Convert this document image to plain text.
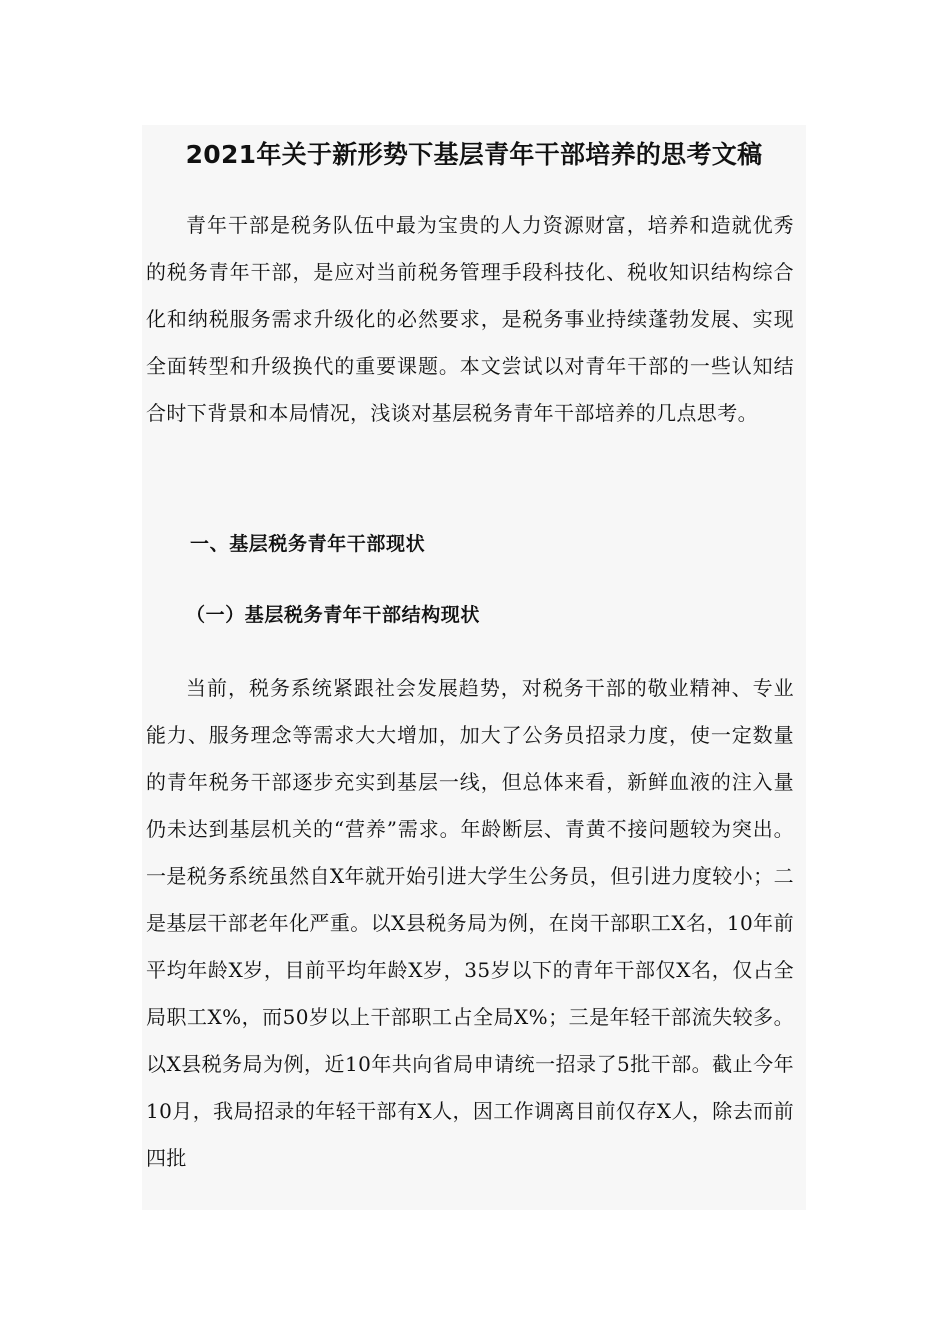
2021年关于新形势下基层青年干部培养的思考文稿

青年干部是税务队伍中最为宝贵的人力资源财富，培养和造就优秀的税务青年干部，是应对当前税务管理手段科技化、税收知识结构综合化和纳税服务需求升级化的必然要求，是税务事业持续蓬勃发展、实现全面转型和升级换代的重要课题。本文尝试以对青年干部的一些认知结合时下背景和本局情况，浅谈对基层税务青年干部培养的几点思考。

一、基层税务青年干部现状
（一）基层税务青年干部结构现状

当前，税务系统紧跟社会发展趋势，对税务干部的敬业精神、专业能力、服务理念等需求大大增加，加大了公务员招录力度，使一定数量的青年税务干部逐步充实到基层一线，但总体来看，新鲜血液的注入量仍未达到基层机关的“营养”需求。年龄断层、青黄不接问题较为突出。一是税务系统虽然自X年就开始引进大学生公务员，但引进力度较小；二是基层干部老年化严重。以X县税务局为例，在岗干部职工X名，10年前平均年龄X岁，目前平均年龄X岁，35岁以下的青年干部仅X名，仅占全局职工X%，而50岁以上干部职工占全局X%；三是年轻干部流失较多。以X县税务局为例，近10年共向省局申请统一招录了5批干部。截止今年10月，我局招录的年轻干部有X人，因工作调离目前仅存X人，除去而前四批
